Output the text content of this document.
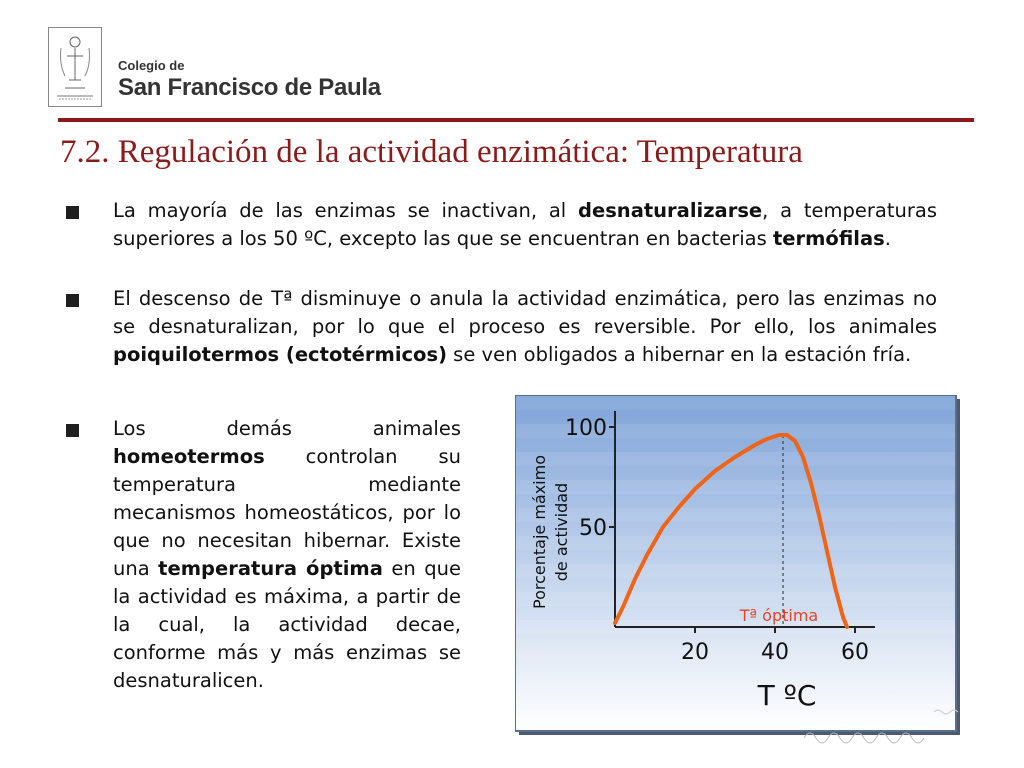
Colegio de
San Francisco de Paula
7.2. Regulación de la actividad enzimática: Temperatura
La mayoría de las enzimas se inactivan, al desnaturalizarse, a temperaturas superiores a los 50 ºC, excepto las que se encuentran en bacterias termófilas.
El descenso de Tª disminuye o anula la actividad enzimática, pero las enzimas no se desnaturalizan, por lo que el proceso es reversible. Por ello, los animales poiquilotermos (ectotérmicos) se ven obligados a hibernar en la estación fría.
Los demás animales homeotermos controlan su temperatura mediante mecanismos homeostáticos, por lo que no necesitan hibernar. Existe una temperatura óptima en que la actividad es máxima, a partir de la cual, la actividad decae, conforme más y más enzimas se desnaturalicen.
50
100
20 40 60
Tª óptima
T ºC
Porcentaje máximo de actividad
